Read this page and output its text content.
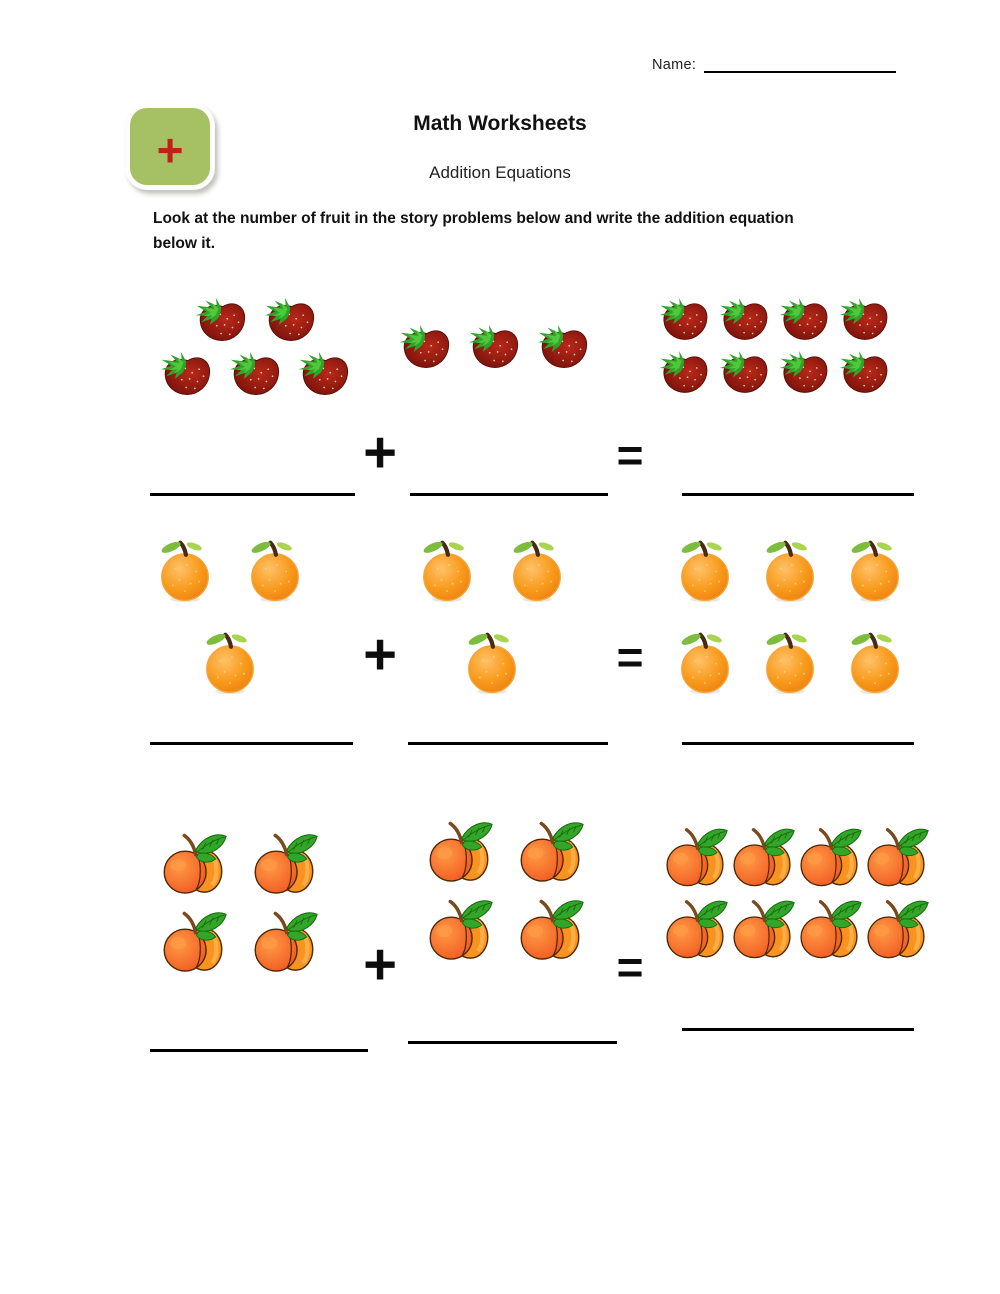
Name:
+	Math Worksheets
Addition Equations
Look at the number of fruit in the story problems below and write the addition equation
below it.
+	=
+	=
+	=
